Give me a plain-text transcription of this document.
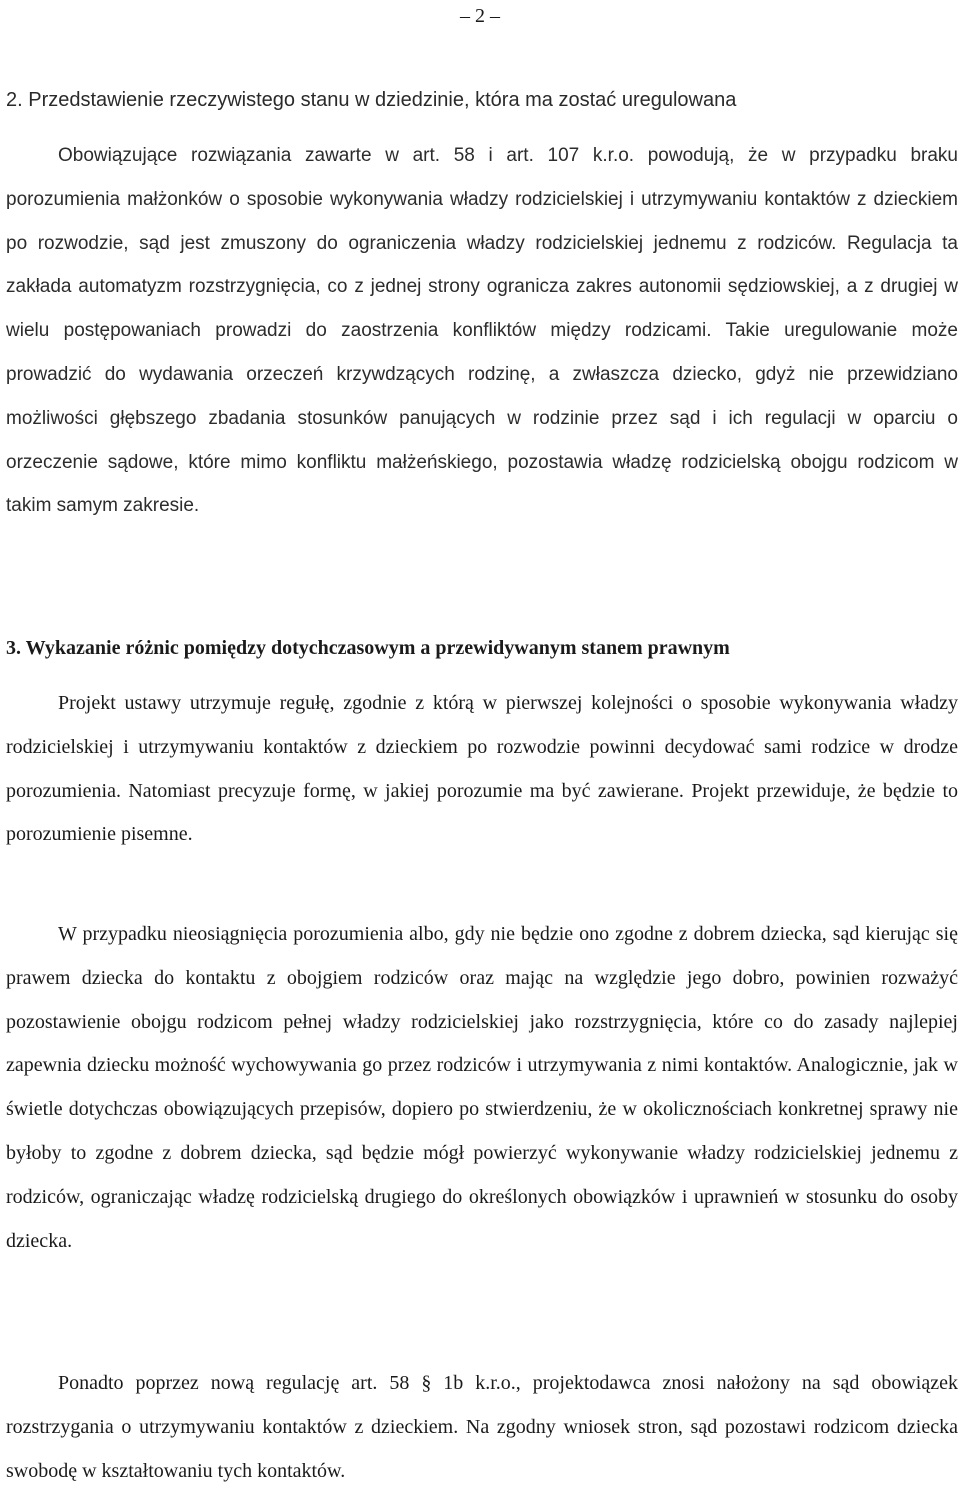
– 2 –
2. Przedstawienie rzeczywistego stanu w dziedzinie, która ma zostać uregulowana

Obowiązujące rozwiązania zawarte w art. 58 i art. 107 k.r.o. powodują, że w przypadku braku porozumienia małżonków o sposobie wykonywania władzy rodzicielskiej i utrzymywaniu kontaktów z dzieckiem po rozwodzie, sąd jest zmuszony do ograniczenia władzy rodzicielskiej jednemu z rodziców. Regulacja ta zakłada automatyzm rozstrzygnięcia, co z jednej strony ogranicza zakres autonomii sędziowskiej, a z drugiej w wielu postępowaniach prowadzi do zaostrzenia konfliktów między rodzicami. Takie uregulowanie może prowadzić do wydawania orzeczeń krzywdzących rodzinę, a zwłaszcza dziecko, gdyż nie przewidziano możliwości głębszego zbadania stosunków panujących w rodzinie przez sąd i ich regulacji w oparciu o orzeczenie sądowe, które mimo konfliktu małżeńskiego, pozostawia władzę rodzicielską obojgu rodzicom w takim samym zakresie.

3. Wykazanie różnic pomiędzy dotychczasowym a przewidywanym stanem prawnym

Projekt ustawy utrzymuje regułę, zgodnie z którą w pierwszej kolejności o sposobie wykonywania władzy rodzicielskiej i utrzymywaniu kontaktów z dzieckiem po rozwodzie powinni decydować sami rodzice w drodze porozumienia. Natomiast precyzuje formę, w jakiej porozumie ma być zawierane. Projekt przewiduje, że będzie to porozumienie pisemne.

W przypadku nieosiągnięcia porozumienia albo, gdy nie będzie ono zgodne z dobrem dziecka, sąd kierując się prawem dziecka do kontaktu z obojgiem rodziców oraz mając na względzie jego dobro, powinien rozważyć pozostawienie obojgu rodzicom pełnej władzy rodzicielskiej jako rozstrzygnięcia, które co do zasady najlepiej zapewnia dziecku możność wychowywania go przez rodziców i utrzymywania z nimi kontaktów. Analogicznie, jak w świetle dotychczas obowiązujących przepisów, dopiero po stwierdzeniu, że w okolicznościach konkretnej sprawy nie byłoby to zgodne z dobrem dziecka, sąd będzie mógł powierzyć wykonywanie władzy rodzicielskiej jednemu z rodziców, ograniczając władzę rodzicielską drugiego do określonych obowiązków i uprawnień w stosunku do osoby dziecka.

Ponadto poprzez nową regulację art. 58 § 1b k.r.o., projektodawca znosi nałożony na sąd obowiązek rozstrzygania o utrzymywaniu kontaktów z dzieckiem. Na zgodny wniosek stron, sąd pozostawi rodzicom dziecka swobodę w kształtowaniu tych kontaktów.
